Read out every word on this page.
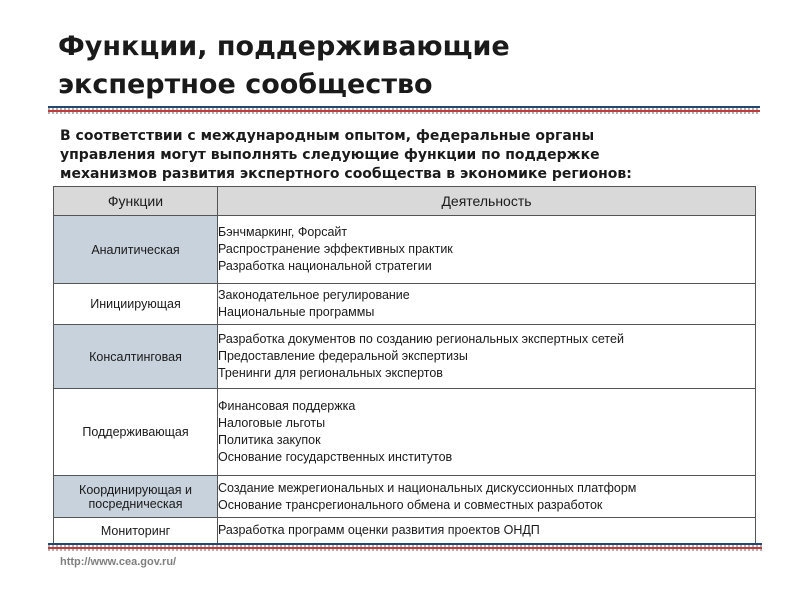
Функции, поддерживающие
экспертное сообщество
В соответствии с международным опытом, федеральные органы
управления могут выполнять следующие функции по поддержке
механизмов развития экспертного сообщества в экономике регионов:
Функции	Деятельность
Аналитическая	Бэнчмаркинг, Форсайт
Распространение эффективных практик
Разработка национальной стратегии

Инициирующая	Законодательное регулирование
Национальные программы

Консалтинговая	Разработка документов по созданию региональных экспертных сетей
Предоставление федеральной экспертизы
Тренинги для региональных экспертов

Поддерживающая	Финансовая поддержка
Налоговые льготы
Политика закупок
Основание государственных институтов

Координирующая и посредническая	Создание межрегиональных и национальных дискуссионных платформ
Основание трансрегионального обмена и совместных разработок

Мониторинг	Разработка программ оценки развития проектов ОНДП
http://www.cea.gov.ru/
